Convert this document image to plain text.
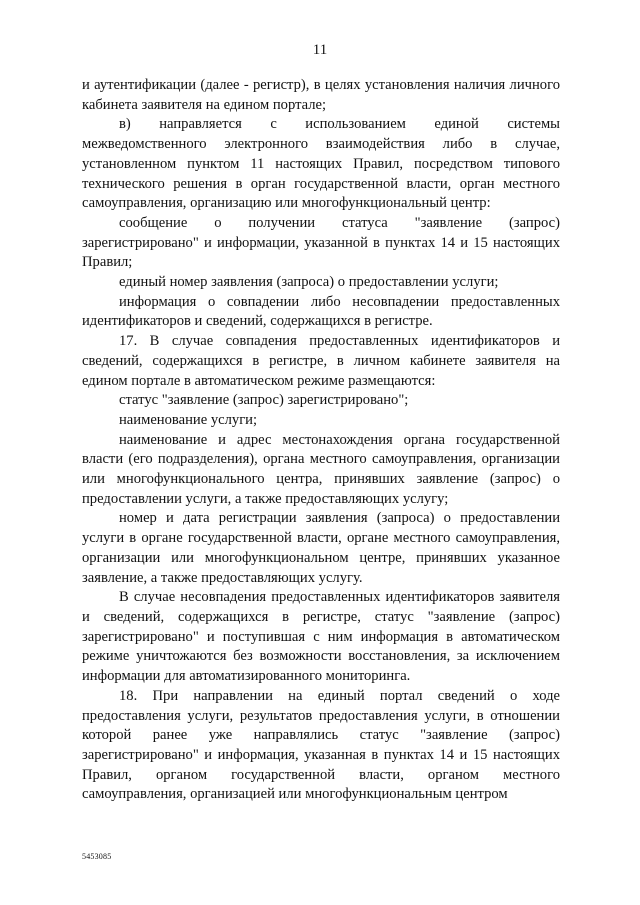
11

и аутентификации (далее - регистр), в целях установления наличия личного кабинета заявителя на едином портале;

в) направляется с использованием единой системы межведомственного электронного взаимодействия либо в случае, установленном пунктом 11 настоящих Правил, посредством типового технического решения в орган государственной власти, орган местного самоуправления, организацию или многофункциональный центр:

сообщение о получении статуса "заявление (запрос) зарегистрировано" и информации, указанной в пунктах 14 и 15 настоящих Правил;

единый номер заявления (запроса) о предоставлении услуги;

информация о совпадении либо несовпадении предоставленных идентификаторов и сведений, содержащихся в регистре.

17. В случае совпадения предоставленных идентификаторов и сведений, содержащихся в регистре, в личном кабинете заявителя на едином портале в автоматическом режиме размещаются:

статус "заявление (запрос) зарегистрировано";

наименование услуги;

наименование и адрес местонахождения органа государственной власти (его подразделения), органа местного самоуправления, организации или многофункционального центра, принявших заявление (запрос) о предоставлении услуги, а также предоставляющих услугу;

номер и дата регистрации заявления (запроса) о предоставлении услуги в органе государственной власти, органе местного самоуправления, организации или многофункциональном центре, принявших указанное заявление, а также предоставляющих услугу.

В случае несовпадения предоставленных идентификаторов заявителя и сведений, содержащихся в регистре, статус "заявление (запрос) зарегистрировано" и поступившая с ним информация в автоматическом режиме уничтожаются без возможности восстановления, за исключением информации для автоматизированного мониторинга.

18. При направлении на единый портал сведений о ходе предоставления услуги, результатов предоставления услуги, в отношении которой ранее уже направлялись статус "заявление (запрос) зарегистрировано" и информация, указанная в пунктах 14 и 15 настоящих Правил, органом государственной власти, органом местного самоуправления, организацией или многофункциональным центром

5453085
